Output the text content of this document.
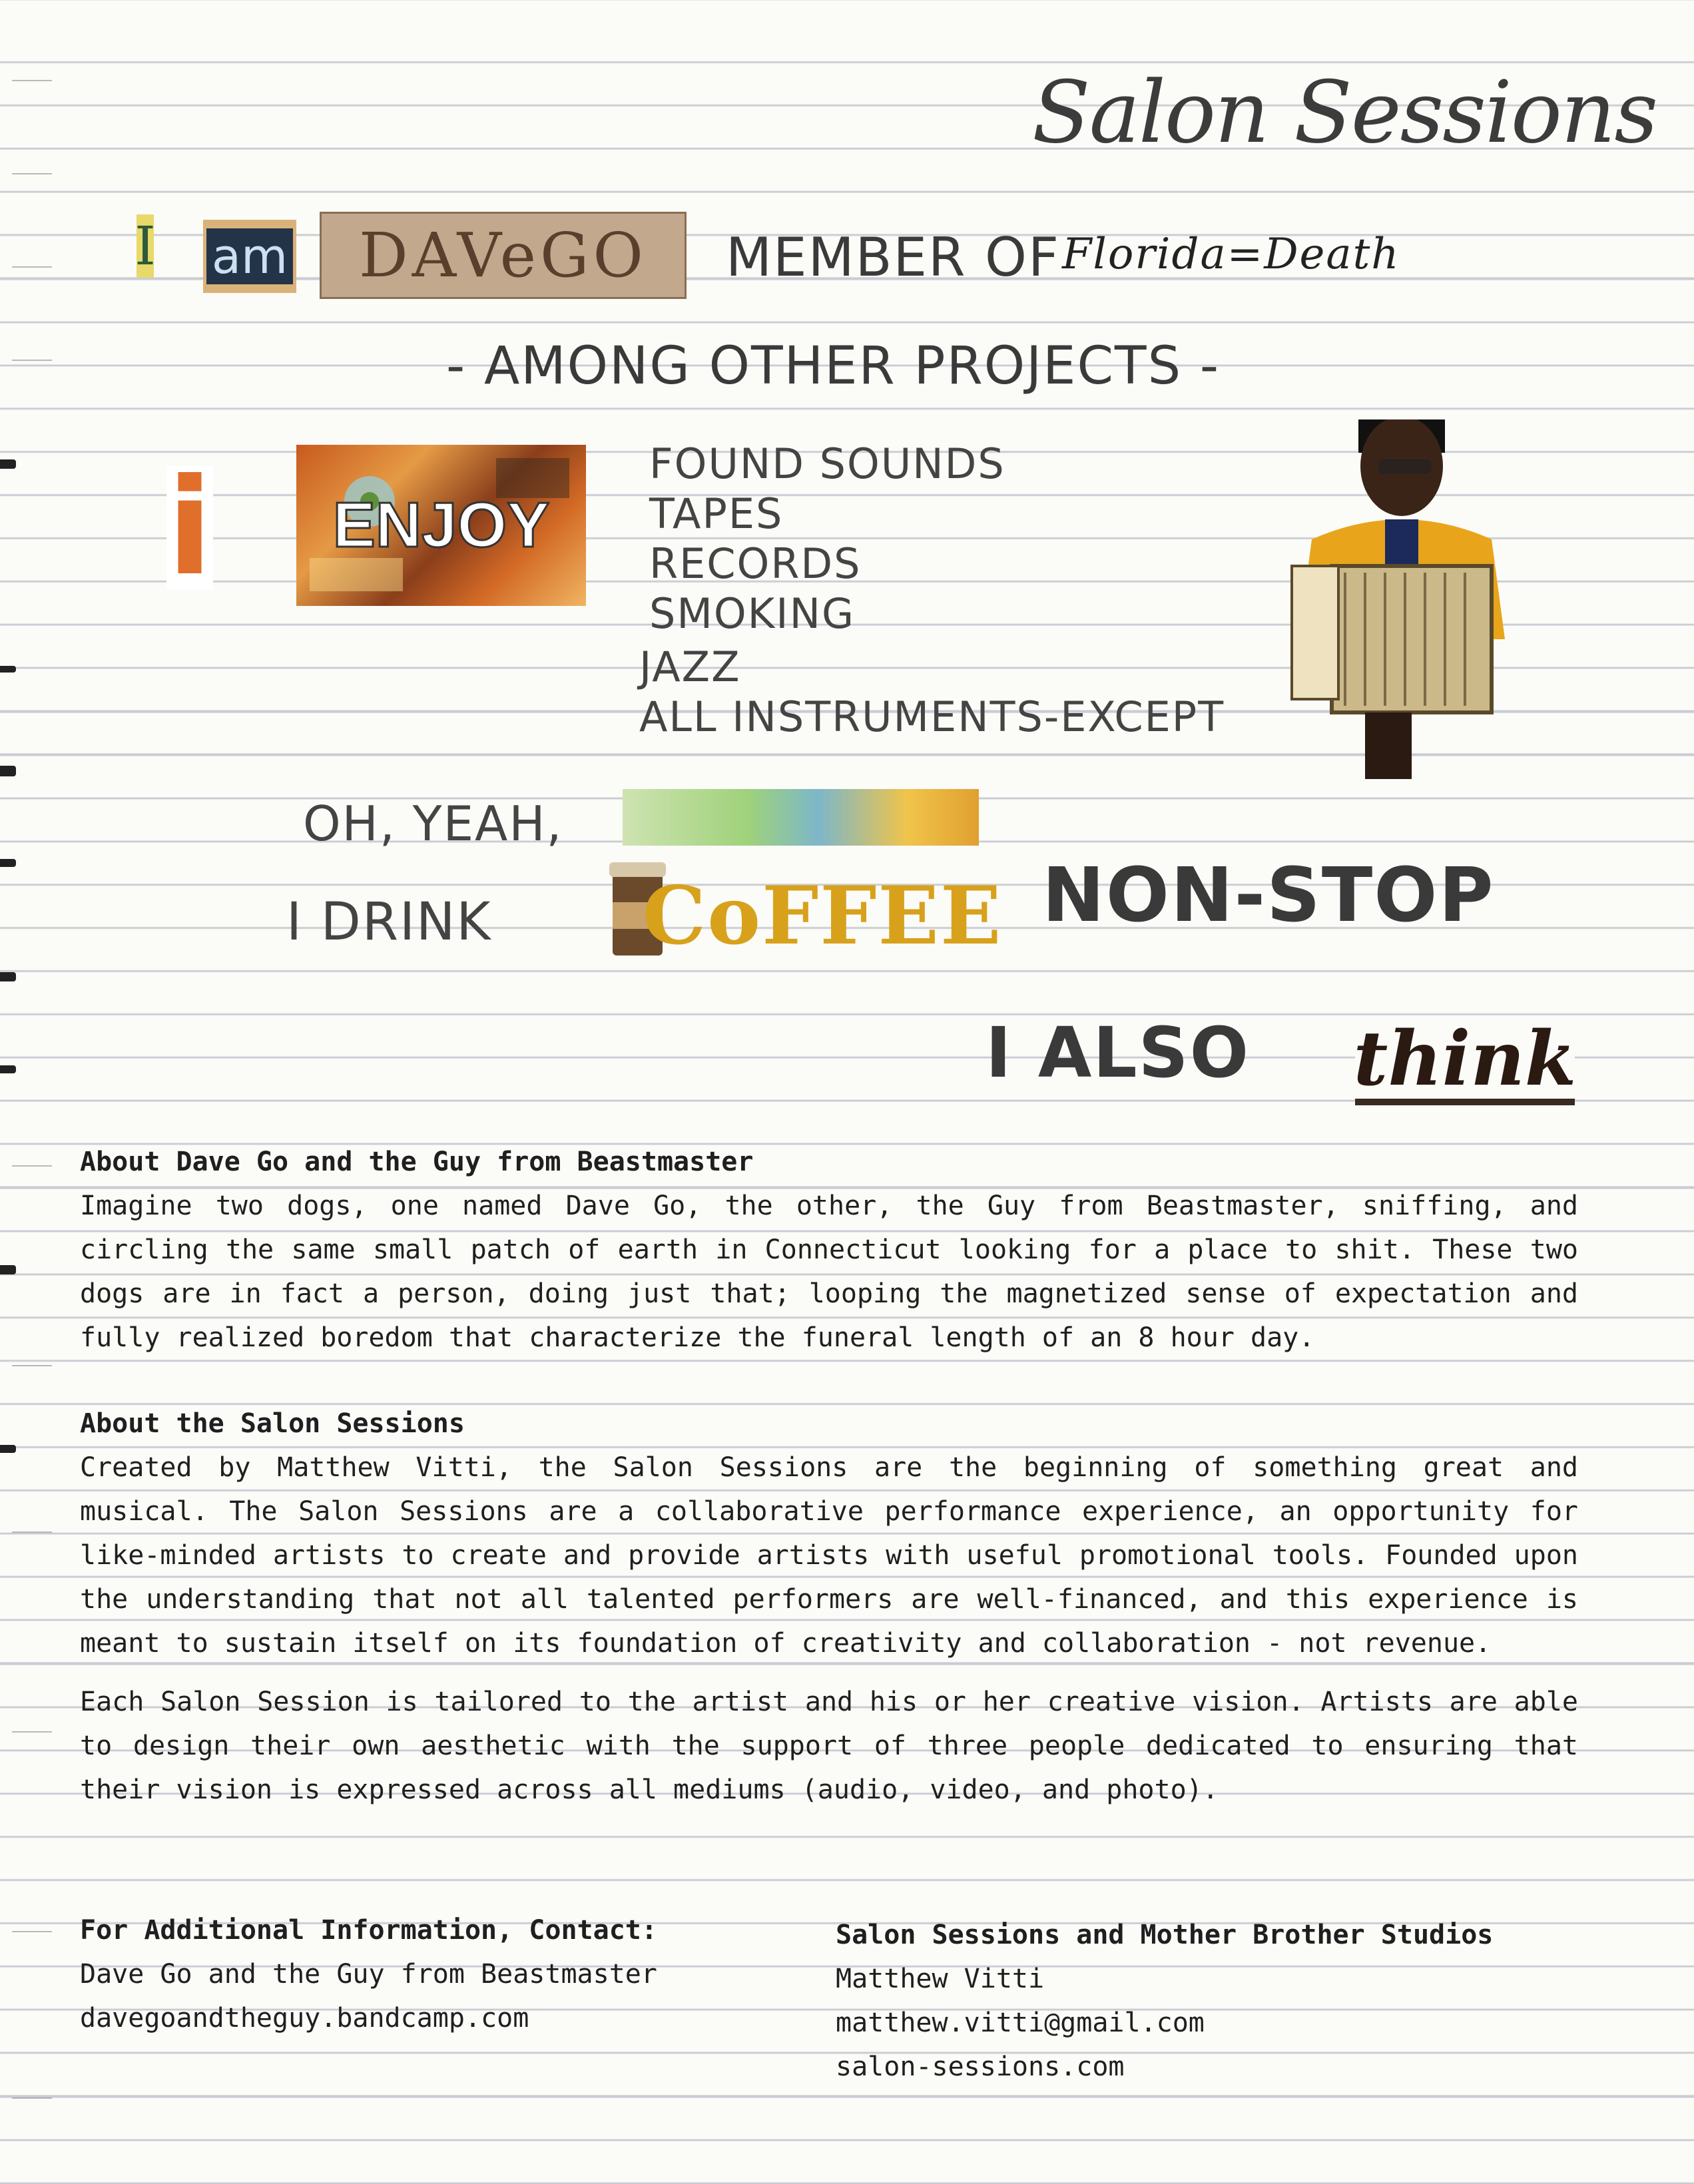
Salon Sessions
I am DAVeGO MEMBER OF Florida=Death
- AMONG OTHER PROJECTS -
i ENJOY
FOUND SOUNDS
TAPES
RECORDS
SMOKING
JAZZ
ALL INSTRUMENTS-EXCEPT
OH, YEAH,
I DRINK CoFFEE NON-STOP
I ALSO think
About Dave Go and the Guy from Beastmaster

Imagine two dogs, one named Dave Go, the other, the Guy from Beastmaster, sniffing, and circling the same small patch of earth in Connecticut looking for a place to shit. These two dogs are in fact a person, doing just that; looping the magnetized sense of expectation and fully realized boredom that characterize the funeral length of an 8 hour day.

About the Salon Sessions

Created by Matthew Vitti, the Salon Sessions are the beginning of something great and musical. The Salon Sessions are a collaborative performance experience, an opportunity for like-minded artists to create and provide artists with useful promotional tools. Founded upon the understanding that not all talented performers are well-financed, and this experience is meant to sustain itself on its foundation of creativity and collaboration - not revenue.

Each Salon Session is tailored to the artist and his or her creative vision. Artists are able to design their own aesthetic with the support of three people dedicated to ensuring that their vision is expressed across all mediums (audio, video, and photo).

For Additional Information, Contact:
Dave Go and the Guy from Beastmaster
davegoandtheguy.bandcamp.com
Salon Sessions and Mother Brother Studios
Matthew Vitti
matthew.vitti@gmail.com
salon-sessions.com
